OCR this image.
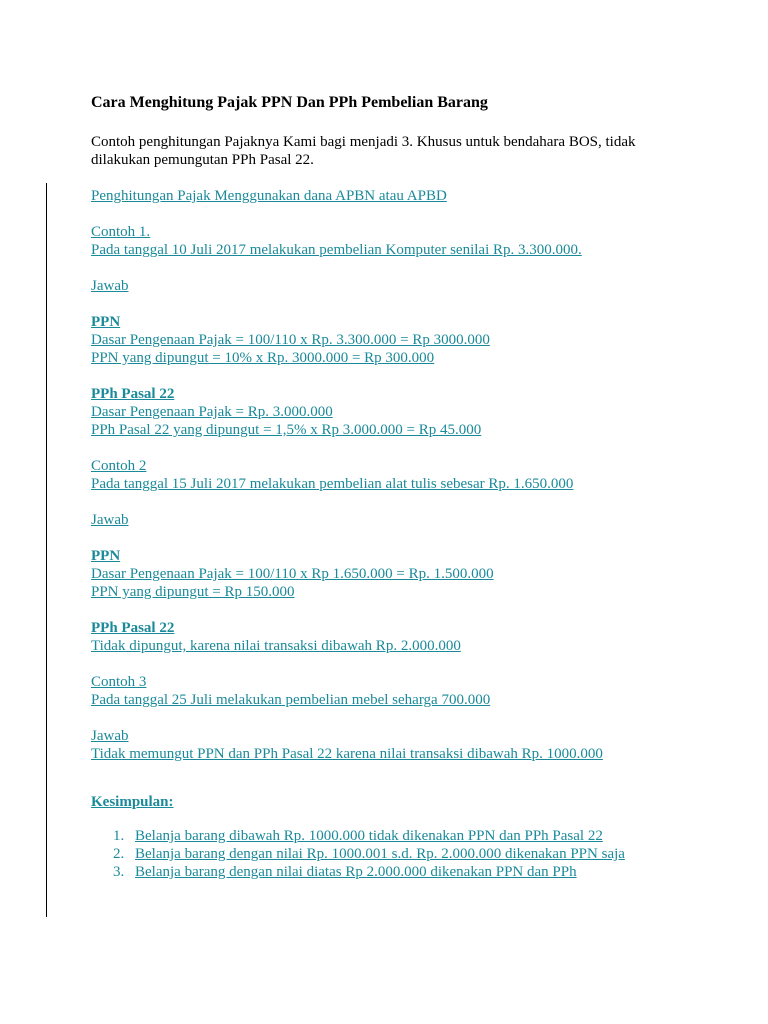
Cara Menghitung Pajak PPN Dan PPh Pembelian Barang
Contoh penghitungan Pajaknya Kami bagi menjadi 3. Khusus untuk bendahara BOS, tidak
dilakukan pemungutan PPh Pasal 22.
Penghitungan Pajak Menggunakan dana APBN atau APBD
Contoh 1.
Pada tanggal 10 Juli 2017 melakukan pembelian Komputer senilai Rp. 3.300.000.
Jawab
PPN
Dasar Pengenaan Pajak = 100/110 x Rp. 3.300.000 = Rp 3000.000
PPN yang dipungut = 10% x Rp. 3000.000 = Rp 300.000
PPh Pasal 22
Dasar Pengenaan Pajak = Rp. 3.000.000
PPh Pasal 22 yang dipungut = 1,5% x Rp 3.000.000 = Rp 45.000
Contoh 2
Pada tanggal 15 Juli 2017 melakukan pembelian alat tulis sebesar Rp. 1.650.000
Jawab
PPN
Dasar Pengenaan Pajak = 100/110 x Rp 1.650.000 = Rp. 1.500.000
PPN yang dipungut = Rp 150.000
PPh Pasal 22
Tidak dipungut, karena nilai transaksi dibawah Rp. 2.000.000
Contoh 3
Pada tanggal 25 Juli melakukan pembelian mebel seharga 700.000
Jawab
Tidak memungut PPN dan PPh Pasal 22 karena nilai transaksi dibawah Rp. 1000.000
Kesimpulan:
1. Belanja barang dibawah Rp. 1000.000 tidak dikenakan PPN dan PPh Pasal 22
2. Belanja barang dengan nilai Rp. 1000.001 s.d. Rp. 2.000.000 dikenakan PPN saja
3. Belanja barang dengan nilai diatas Rp 2.000.000 dikenakan PPN dan PPh
